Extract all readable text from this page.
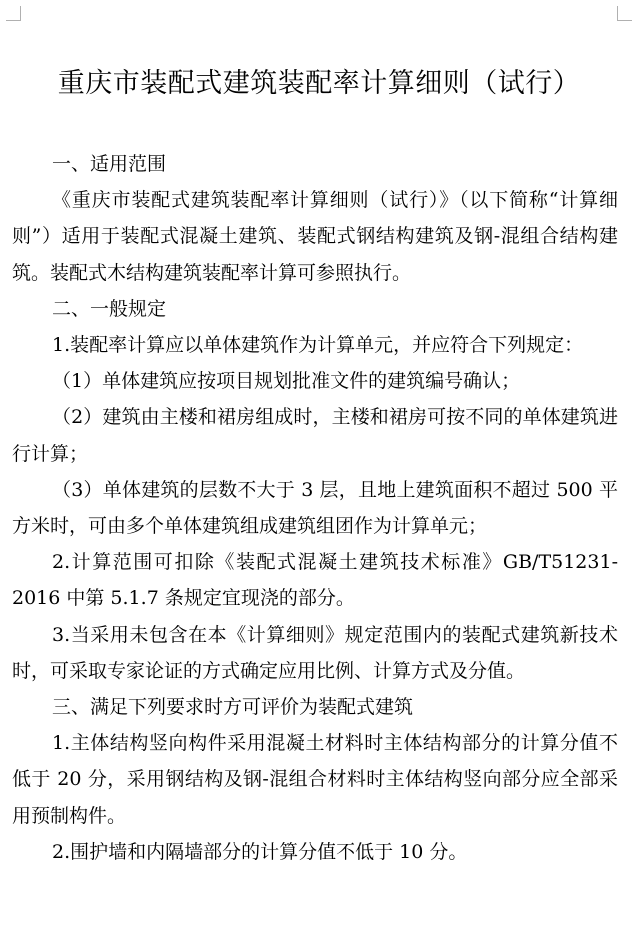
重庆市装配式建筑装配率计算细则（试行）

一、适用范围

《重庆市装配式建筑装配率计算细则（试行）》（以下简称“计算细则”）适用于装配式混凝土建筑、装配式钢结构建筑及钢-混组合结构建筑。装配式木结构建筑装配率计算可参照执行。

二、一般规定

1.装配率计算应以单体建筑作为计算单元，并应符合下列规定：

（1）单体建筑应按项目规划批准文件的建筑编号确认；

（2）建筑由主楼和裙房组成时，主楼和裙房可按不同的单体建筑进行计算；

（3）单体建筑的层数不大于 3 层，且地上建筑面积不超过 500 平方米时，可由多个单体建筑组成建筑组团作为计算单元；

2.计算范围可扣除《装配式混凝土建筑技术标准》GB/T51231-2016 中第 5.1.7 条规定宜现浇的部分。

3.当采用未包含在本《计算细则》规定范围内的装配式建筑新技术时，可采取专家论证的方式确定应用比例、计算方式及分值。

三、满足下列要求时方可评价为装配式建筑

1.主体结构竖向构件采用混凝土材料时主体结构部分的计算分值不低于 20 分，采用钢结构及钢-混组合材料时主体结构竖向部分应全部采用预制构件。

2.围护墙和内隔墙部分的计算分值不低于 10 分。
